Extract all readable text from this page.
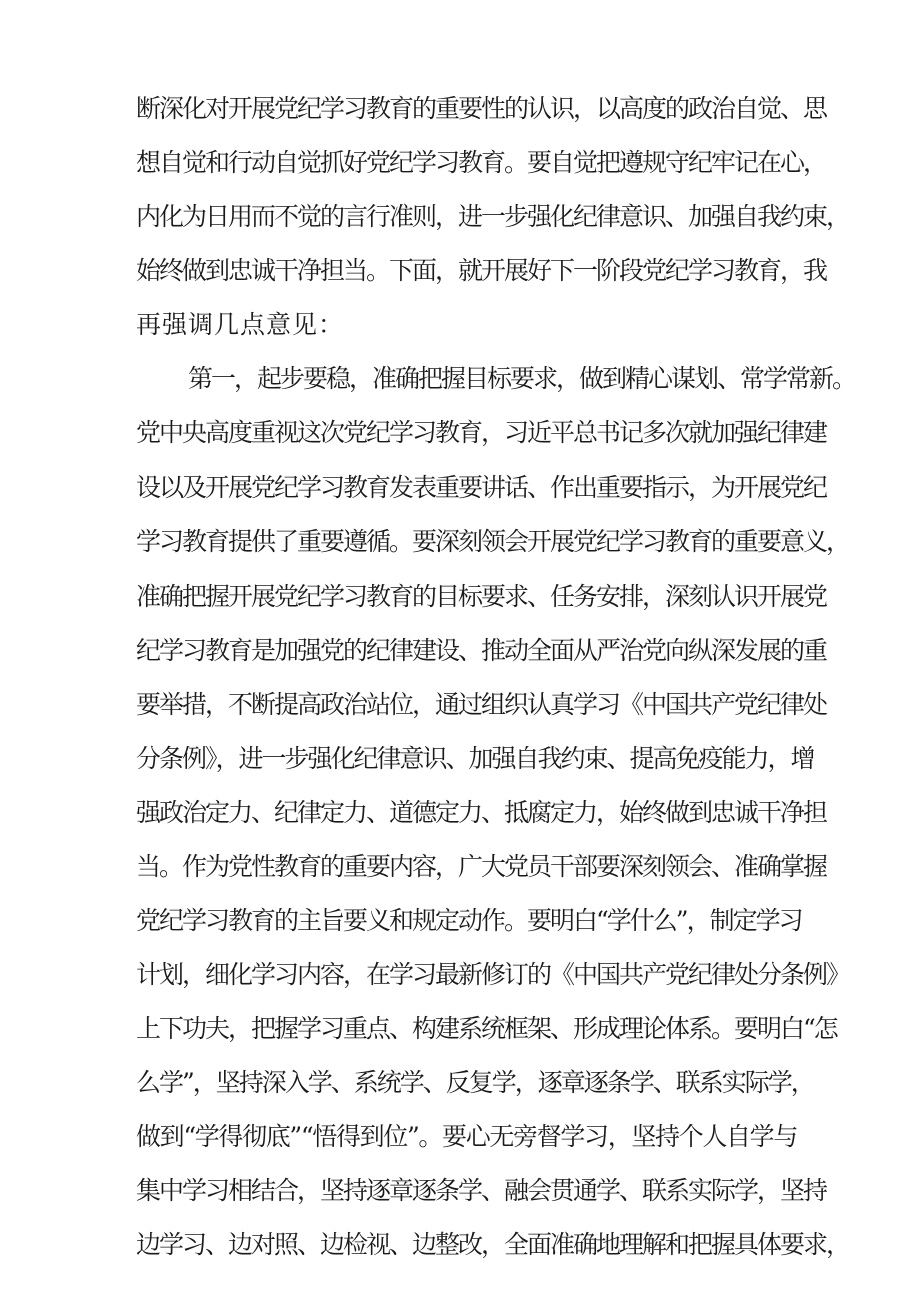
断深化对开展党纪学习教育的重要性的认识，以高度的政治自觉、思
想自觉和行动自觉抓好党纪学习教育。要自觉把遵规守纪牢记在心，
内化为日用而不觉的言行准则，进一步强化纪律意识、加强自我约束，
始终做到忠诚干净担当。下面，就开展好下一阶段党纪学习教育，我
再强调几点意见：
第一，起步要稳，准确把握目标要求，做到精心谋划、常学常新。
党中央高度重视这次党纪学习教育，习近平总书记多次就加强纪律建
设以及开展党纪学习教育发表重要讲话、作出重要指示，为开展党纪
学习教育提供了重要遵循。要深刻领会开展党纪学习教育的重要意义，
准确把握开展党纪学习教育的目标要求、任务安排，深刻认识开展党
纪学习教育是加强党的纪律建设、推动全面从严治党向纵深发展的重
要举措，不断提高政治站位，通过组织认真学习《中国共产党纪律处
分条例》，进一步强化纪律意识、加强自我约束、提高免疫能力，增
强政治定力、纪律定力、道德定力、抵腐定力，始终做到忠诚干净担
当。作为党性教育的重要内容，广大党员干部要深刻领会、准确掌握
党纪学习教育的主旨要义和规定动作。要明白“学什么”，制定学习
计划，细化学习内容，在学习最新修订的《中国共产党纪律处分条例》
上下功夫，把握学习重点、构建系统框架、形成理论体系。要明白“怎
么学”，坚持深入学、系统学、反复学，逐章逐条学、联系实际学，
做到“学得彻底”“悟得到位”。要心无旁督学习，坚持个人自学与
集中学习相结合，坚持逐章逐条学、融会贯通学、联系实际学，坚持
边学习、边对照、边检视、边整改，全面准确地理解和把握具体要求，
